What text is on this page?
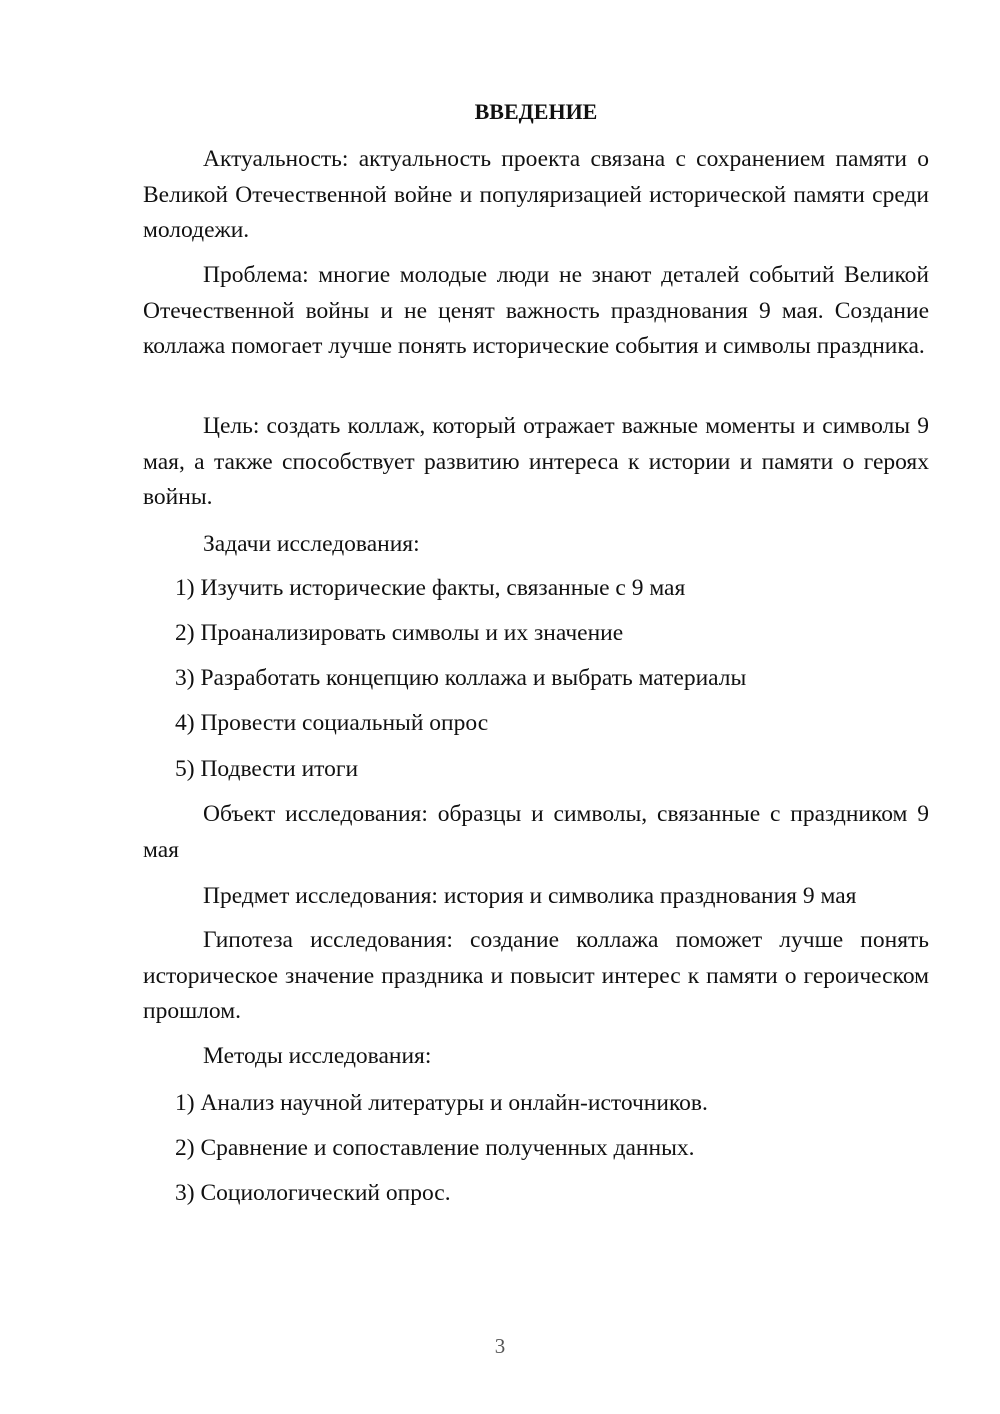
ВВЕДЕНИЕ
Актуальность: актуальность проекта связана с сохранением памяти о Великой Отечественной войне и популяризацией исторической памяти среди молодежи.
Проблема: многие молодые люди не знают деталей событий Великой Отечественной войны и не ценят важность празднования 9 мая. Создание коллажа помогает лучше понять исторические события и символы праздника.
Цель: создать коллаж, который отражает важные моменты и символы 9 мая, а также способствует развитию интереса к истории и памяти о героях войны.
Задачи исследования:
1) Изучить исторические факты, связанные с 9 мая
2) Проанализировать символы и их значение
3) Разработать концепцию коллажа и выбрать материалы
4) Провести социальный опрос
5) Подвести итоги
Объект исследования: образцы и символы, связанные с праздником 9 мая
Предмет исследования: история и символика празднования 9 мая
Гипотеза исследования: создание коллажа поможет лучше понять историческое значение праздника и повысит интерес к памяти о героическом прошлом.
Методы исследования:
1) Анализ научной литературы и онлайн-источников.
2) Сравнение и сопоставление полученных данных.
3) Социологический опрос.
3
